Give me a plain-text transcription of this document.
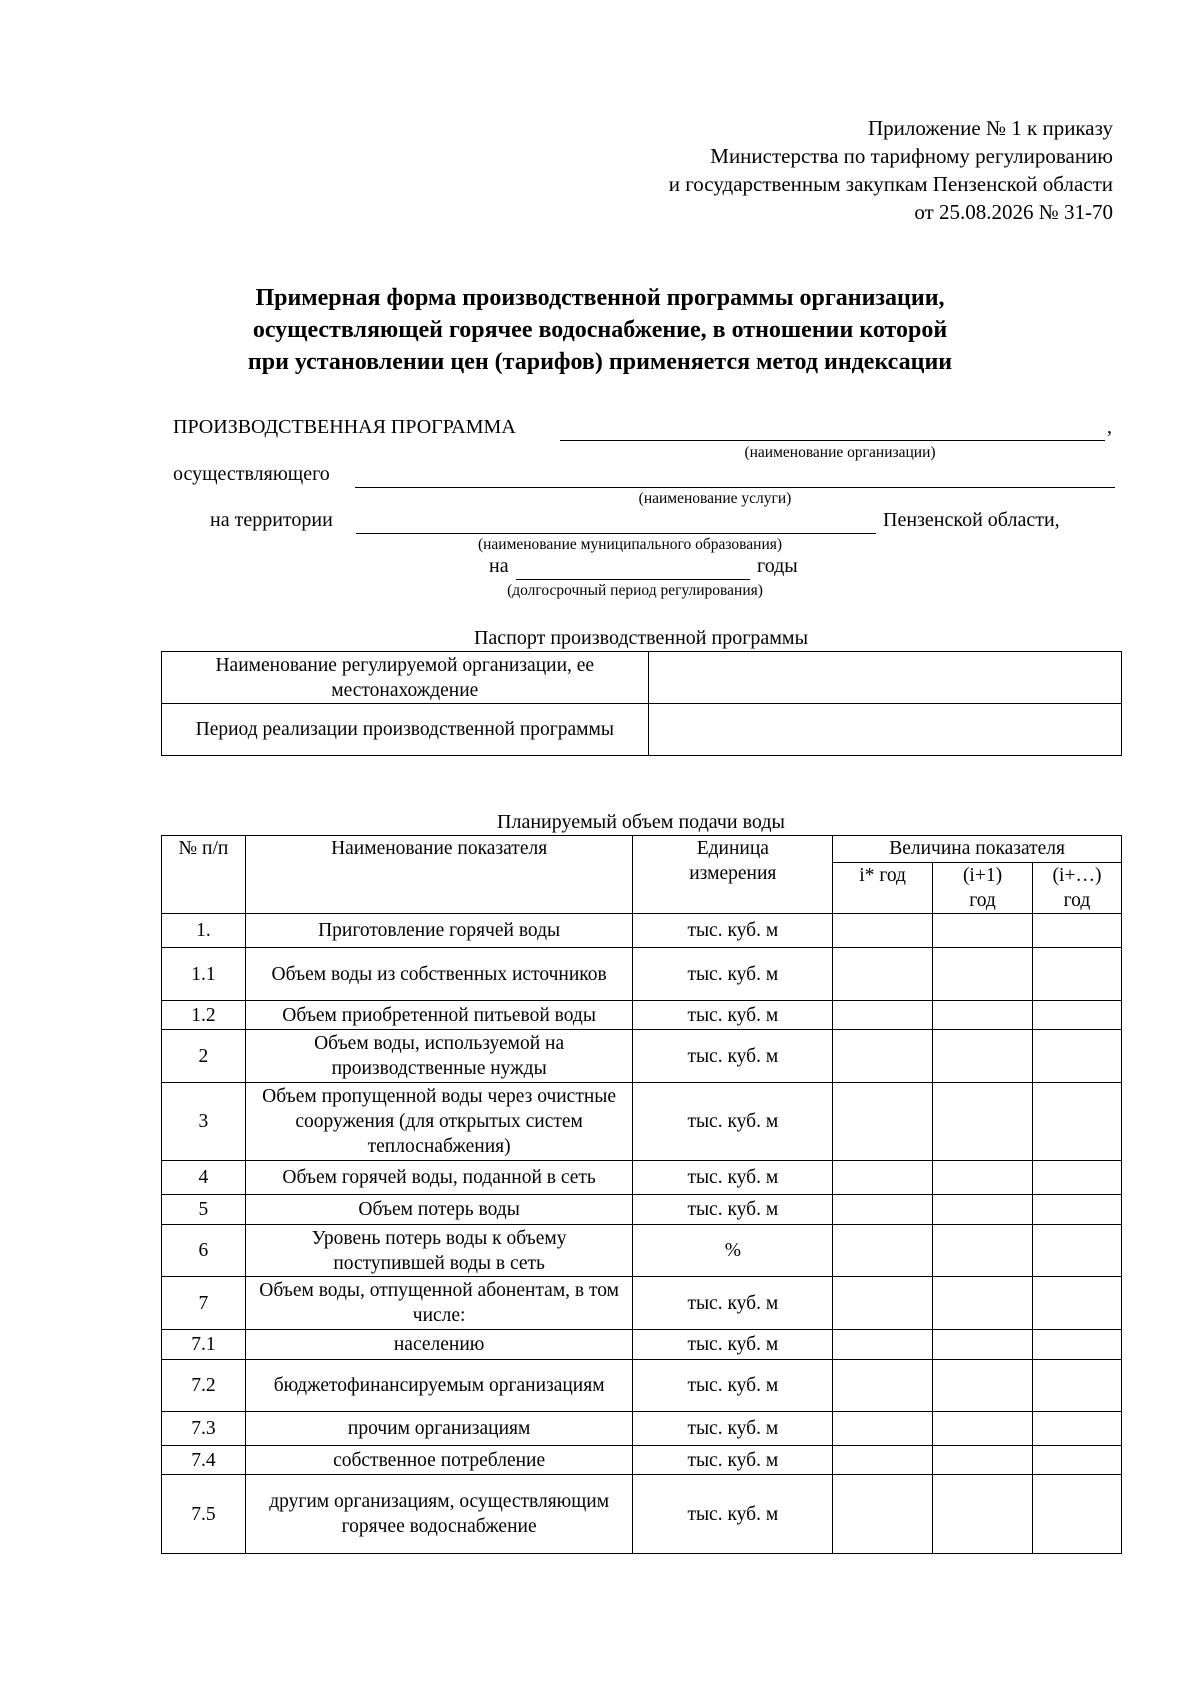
Приложение № 1 к приказу
Министерства по тарифному регулированию
и государственным закупкам Пензенской области
от 25.08.2026 № 31-70
Примерная форма производственной программы организации,
осуществляющей горячее водоснабжение, в отношении которой
при установлении цен (тарифов) применяется метод индексации
ПРОИЗВОДСТВЕННАЯ ПРОГРАММА	,
(наименование организации)
осуществляющего
(наименование услуги)
на территории	Пензенской области,
(наименование муниципального образования)
на	годы
(долгосрочный период регулирования)
Паспорт производственной программы
Наименование регулируемой организации, ее местонахождение	
Период реализации производственной программы	
Планируемый объем подачи воды
№ п/п	Наименование показателя	Единица измерения	Величина показателя		
			i* год	(i+1) год	(i+…) год
1.	Приготовление горячей воды	тыс. куб. м			
1.1	Объем воды из собственных источников	тыс. куб. м			
1.2	Объем приобретенной питьевой воды	тыс. куб. м			
2	Объем воды, используемой на производственные нужды	тыс. куб. м			
3	Объем пропущенной воды через очистные сооружения (для открытых систем теплоснабжения)	тыс. куб. м			
4	Объем горячей воды, поданной в сеть	тыс. куб. м			
5	Объем потерь воды	тыс. куб. м			
6	Уровень потерь воды к объему поступившей воды в сеть	%			
7	Объем воды, отпущенной абонентам, в том числе:	тыс. куб. м			
7.1	населению	тыс. куб. м			
7.2	бюджетофинансируемым организациям	тыс. куб. м			
7.3	прочим организациям	тыс. куб. м			
7.4	собственное потребление	тыс. куб. м			
7.5	другим организациям, осуществляющим горячее водоснабжение	тыс. куб. м			
